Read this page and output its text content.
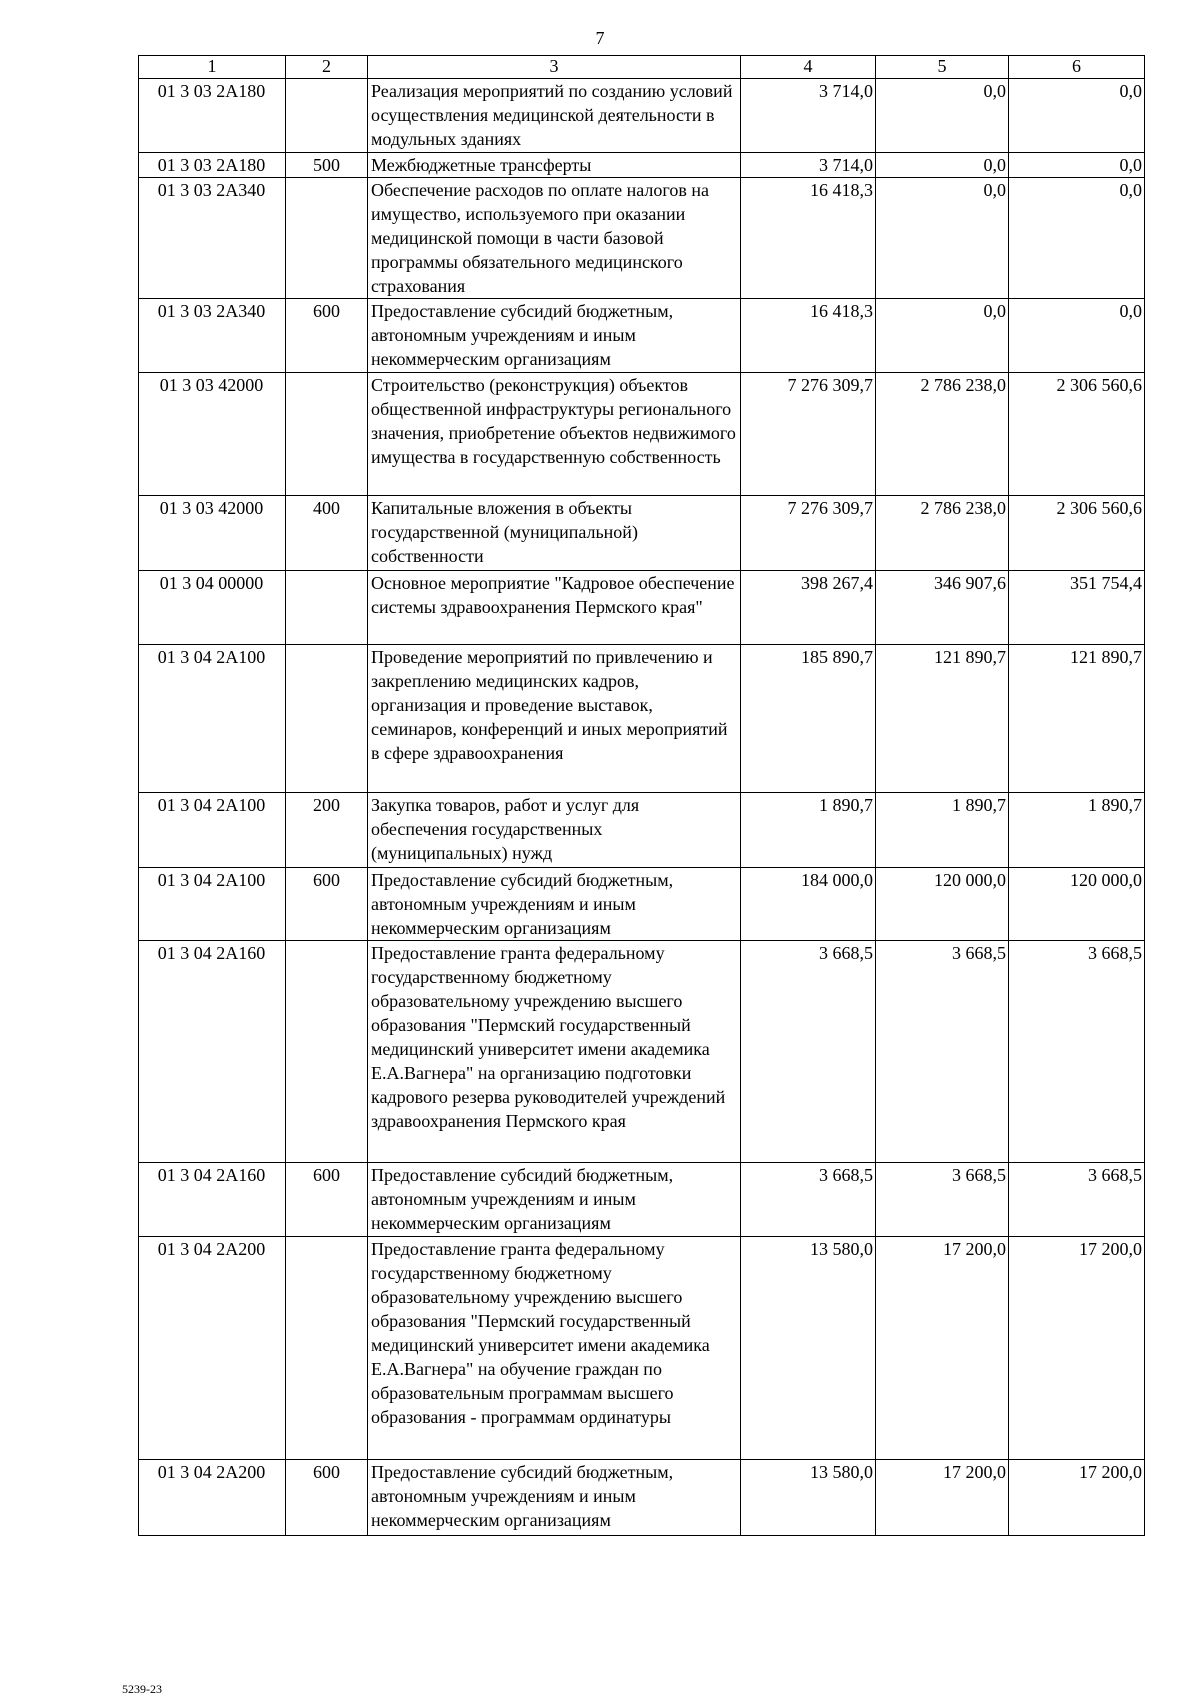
7
1	2	3	4	5	6
01 3 03 2А180		Реализация мероприятий по созданию условий осуществления медицинской деятельности в модульных зданиях	3 714,0	0,0	0,0
01 3 03 2А180	500	Межбюджетные трансферты	3 714,0	0,0	0,0
01 3 03 2А340		Обеспечение расходов по оплате налогов на имущество, используемого при оказании медицинской помощи в части базовой программы обязательного медицинского страхования	16 418,3	0,0	0,0
01 3 03 2А340	600	Предоставление субсидий бюджетным, автономным учреждениям и иным некоммерческим организациям	16 418,3	0,0	0,0
01 3 03 42000		Строительство (реконструкция) объектов общественной инфраструктуры регионального значения, приобретение объектов недвижимого имущества в государственную собственность	7 276 309,7	2 786 238,0	2 306 560,6
01 3 03 42000	400	Капитальные вложения в объекты государственной (муниципальной) собственности	7 276 309,7	2 786 238,0	2 306 560,6
01 3 04 00000		Основное мероприятие "Кадровое обеспечение системы здравоохранения Пермского края"	398 267,4	346 907,6	351 754,4
01 3 04 2А100		Проведение мероприятий по привлечению и закреплению медицинских кадров, организация и проведение выставок, семинаров, конференций и иных мероприятий в сфере здравоохранения	185 890,7	121 890,7	121 890,7
01 3 04 2А100	200	Закупка товаров, работ и услуг для обеспечения государственных (муниципальных) нужд	1 890,7	1 890,7	1 890,7
01 3 04 2А100	600	Предоставление субсидий бюджетным, автономным учреждениям и иным некоммерческим организациям	184 000,0	120 000,0	120 000,0
01 3 04 2А160		Предоставление гранта федеральному государственному бюджетному образовательному учреждению высшего образования "Пермский государственный медицинский университет имени академика Е.А.Вагнера" на организацию подготовки кадрового резерва руководителей учреждений здравоохранения Пермского края	3 668,5	3 668,5	3 668,5
01 3 04 2А160	600	Предоставление субсидий бюджетным, автономным учреждениям и иным некоммерческим организациям	3 668,5	3 668,5	3 668,5
01 3 04 2А200		Предоставление гранта федеральному государственному бюджетному образовательному учреждению высшего образования "Пермский государственный медицинский университет имени академика Е.А.Вагнера" на обучение граждан по образовательным программам высшего образования - программам ординатуры	13 580,0	17 200,0	17 200,0
01 3 04 2А200	600	Предоставление субсидий бюджетным, автономным учреждениям и иным некоммерческим организациям	13 580,0	17 200,0	17 200,0
5239-23
